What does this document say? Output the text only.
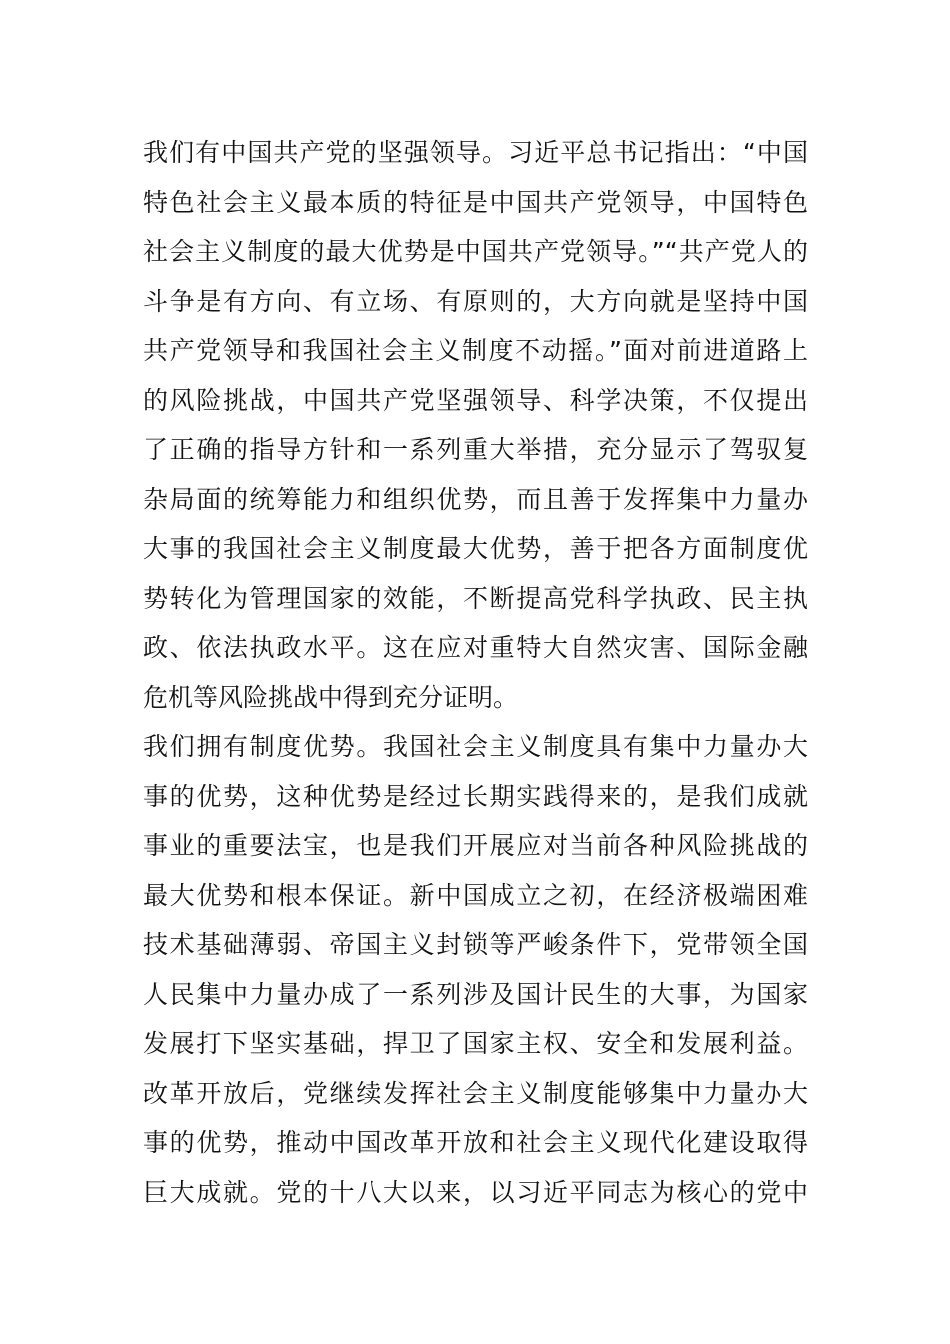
我们有中国共产党的坚强领导。习近平总书记指出：“中国
特色社会主义最本质的特征是中国共产党领导，中国特色
社会主义制度的最大优势是中国共产党领导。”“共产党人的
斗争是有方向、有立场、有原则的，大方向就是坚持中国
共产党领导和我国社会主义制度不动摇。”面对前进道路上
的风险挑战，中国共产党坚强领导、科学决策，不仅提出
了正确的指导方针和一系列重大举措，充分显示了驾驭复
杂局面的统筹能力和组织优势，而且善于发挥集中力量办
大事的我国社会主义制度最大优势，善于把各方面制度优
势转化为管理国家的效能，不断提高党科学执政、民主执
政、依法执政水平。这在应对重特大自然灾害、国际金融
危机等风险挑战中得到充分证明。
我们拥有制度优势。我国社会主义制度具有集中力量办大
事的优势，这种优势是经过长期实践得来的，是我们成就
事业的重要法宝，也是我们开展应对当前各种风险挑战的
最大优势和根本保证。新中国成立之初，在经济极端困难
技术基础薄弱、帝国主义封锁等严峻条件下，党带领全国
人民集中力量办成了一系列涉及国计民生的大事，为国家
发展打下坚实基础，捍卫了国家主权、安全和发展利益。
改革开放后，党继续发挥社会主义制度能够集中力量办大
事的优势，推动中国改革开放和社会主义现代化建设取得
巨大成就。党的十八大以来，以习近平同志为核心的党中
